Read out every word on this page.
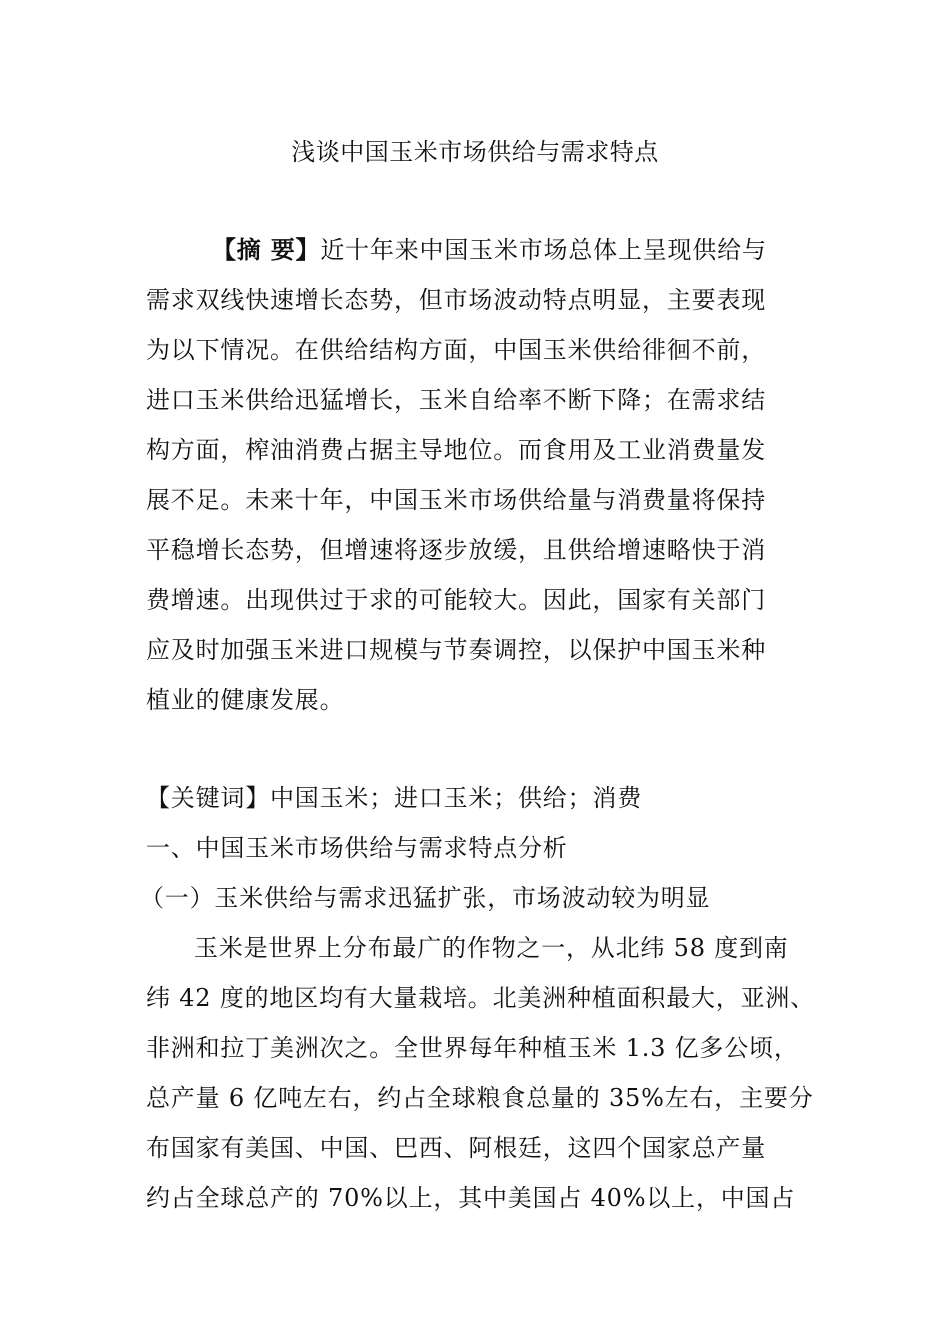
浅谈中国玉米市场供给与需求特点
【摘 要】近十年来中国玉米市场总体上呈现供给与
需求双线快速增长态势，但市场波动特点明显，主要表现
为以下情况。在供给结构方面，中国玉米供给徘徊不前，
进口玉米供给迅猛增长，玉米自给率不断下降；在需求结
构方面，榨油消费占据主导地位。而食用及工业消费量发
展不足。未来十年，中国玉米市场供给量与消费量将保持
平稳增长态势，但增速将逐步放缓，且供给增速略快于消
费增速。出现供过于求的可能较大。因此，国家有关部门
应及时加强玉米进口规模与节奏调控，以保护中国玉米种
植业的健康发展。
【关键词】中国玉米；进口玉米；供给；消费
一、中国玉米市场供给与需求特点分析
（一）玉米供给与需求迅猛扩张，市场波动较为明显
玉米是世界上分布最广的作物之一，从北纬 58 度到南
纬 42 度的地区均有大量栽培。北美洲种植面积最大，亚洲、
非洲和拉丁美洲次之。全世界每年种植玉米 1.3 亿多公顷，
总产量 6 亿吨左右，约占全球粮食总量的 35%左右，主要分
布国家有美国、中国、巴西、阿根廷，这四个国家总产量
约占全球总产的 70%以上，其中美国占 40%以上，中国占
